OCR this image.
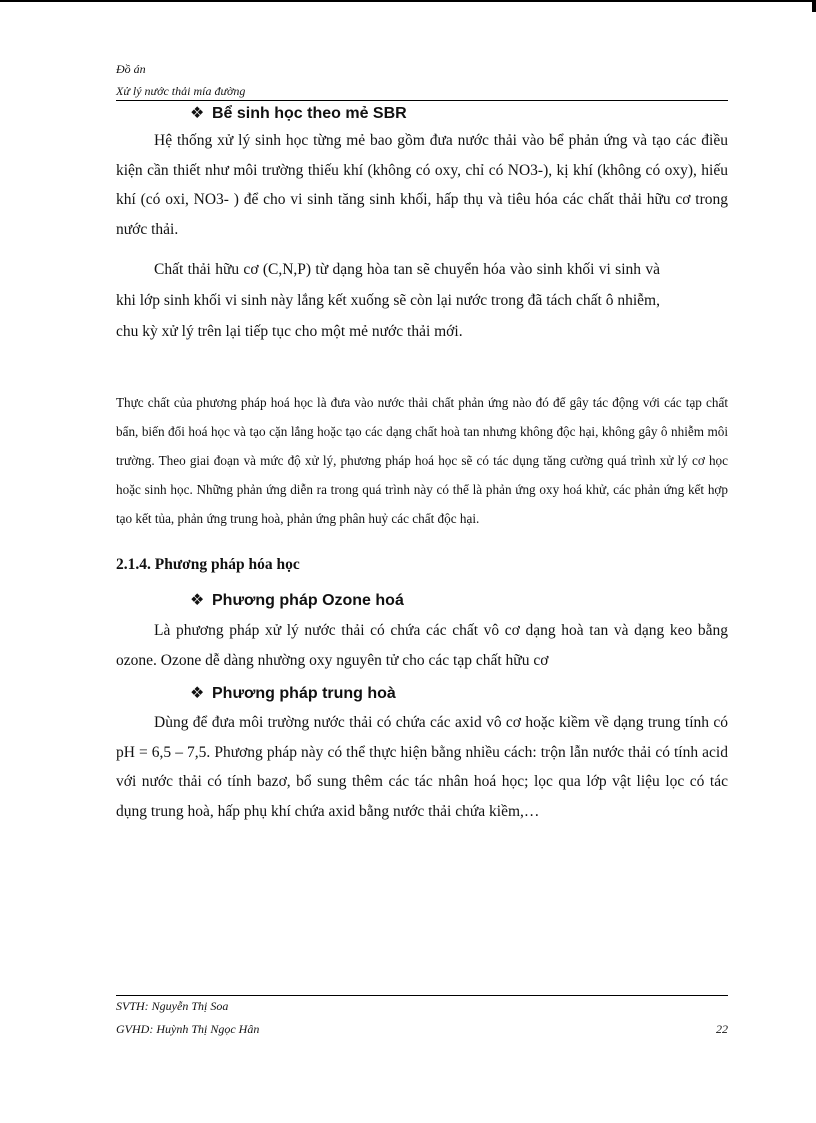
Đồ án
Xử lý nước thải mía đường
❖ Bể sinh học theo mẻ SBR
Hệ thống xử lý sinh học từng mẻ bao gồm đưa nước thải vào bể phản ứng và tạo các điều kiện cần thiết như môi trường thiếu khí (không có oxy, chỉ có NO3-), kị khí (không có oxy), hiếu khí (có oxi, NO3- ) để cho vi sinh tăng sinh khối, hấp thụ và tiêu hóa các chất thải hữu cơ trong nước thải.
Chất thải hữu cơ (C,N,P) từ dạng hòa tan sẽ chuyển hóa vào sinh khối vi sinh và khi lớp sinh khối vi sinh này lắng kết xuống sẽ còn lại nước trong đã tách chất ô nhiễm, chu kỳ xử lý trên lại tiếp tục cho một mẻ nước thải mới.
Thực chất của phương pháp hoá học là đưa vào nước thải chất phản ứng nào đó để gây tác động với các tạp chất bẩn, biến đổi hoá học và tạo cặn lắng hoặc tạo các dạng chất hoà tan nhưng không độc hại, không gây ô nhiễm môi trường. Theo giai đoạn và mức độ xử lý, phương pháp hoá học sẽ có tác dụng tăng cường quá trình xử lý cơ học hoặc sinh học. Những phản ứng diễn ra trong quá trình này có thể là phản ứng oxy hoá khử, các phản ứng kết hợp tạo kết tủa, phản ứng trung hoà, phản ứng phân huỷ các chất độc hại.
2.1.4. Phương pháp hóa học
❖ Phương pháp Ozone hoá
Là phương pháp xử lý nước thải có chứa các chất vô cơ dạng hoà tan và dạng keo bằng ozone. Ozone dễ dàng nhường oxy nguyên tử cho các tạp chất hữu cơ
❖ Phương pháp trung hoà
Dùng để đưa môi trường nước thải có chứa các axid vô cơ hoặc kiềm về dạng trung tính có pH = 6,5 – 7,5. Phương pháp này có thể thực hiện bằng nhiều cách: trộn lẫn nước thải có tính acid với nước thải có tính bazơ, bổ sung thêm các tác nhân hoá học; lọc qua lớp vật liệu lọc có tác dụng trung hoà, hấp phụ khí chứa axid bằng nước thải chứa kiềm,…
SVTH: Nguyễn Thị Soa
GVHD: Huỳnh Thị Ngọc Hân	22
